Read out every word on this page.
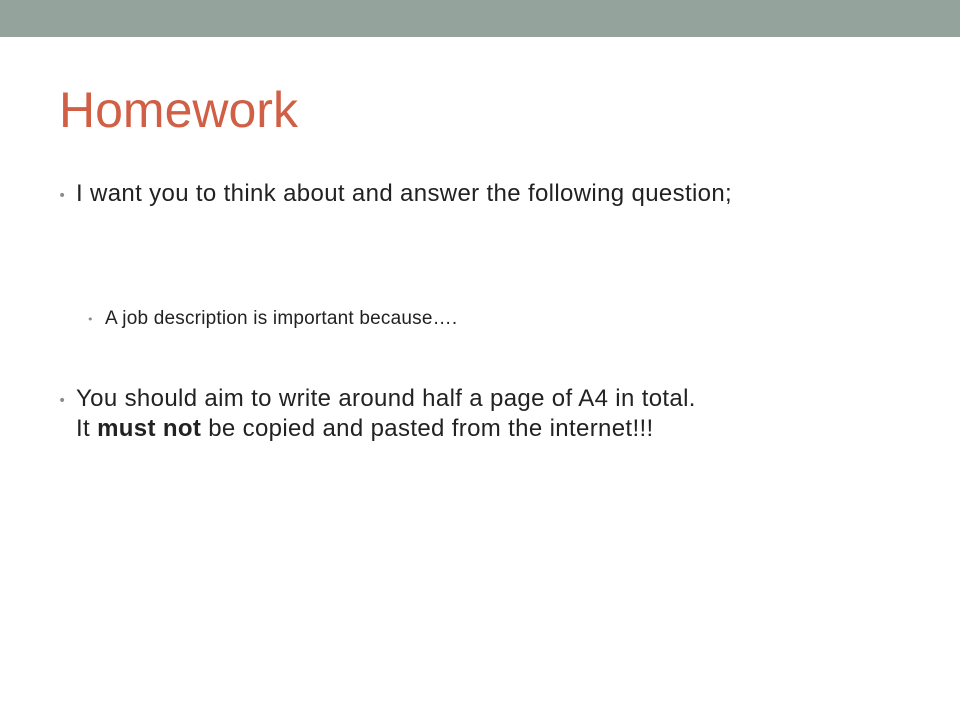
Homework
• I want you to think about and answer the following question;
• A job description is important because….
• You should aim to write around half a page of A4 in total.
It must not be copied and pasted from the internet!!!
